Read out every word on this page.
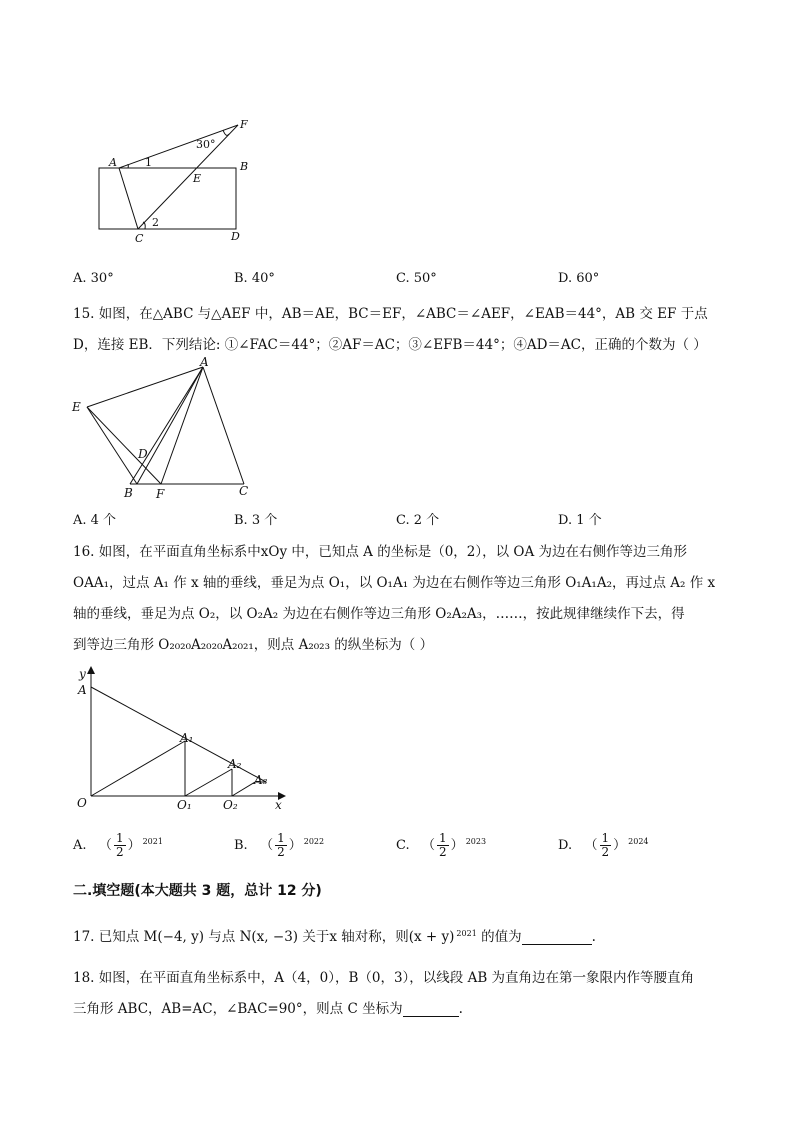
F
A	B
E
C	D
1
2
30°
A. 30°	B. 40°	C. 50°	D. 60°
15. 如图，在△ABC 与△AEF 中，AB＝AE，BC＝EF，∠ABC＝∠AEF，∠EAB＝44°，AB 交 EF 于点
D，连接 EB．下列结论: ①∠FAC＝44°；②AF＝AC；③∠EFB＝44°；④AD＝AC，正确的个数为（ ）
A
E
D
B F	C
A. 4 个	B. 3 个	C. 2 个	D. 1 个
16. 如图，在平面直角坐标系中xOy 中，已知点 A 的坐标是（0，2），以 OA 为边在右侧作等边三角形
OAA₁，过点 A₁ 作 x 轴的垂线，垂足为点 O₁，以 O₁A₁ 为边在右侧作等边三角形 O₁A₁A₂，再过点 A₂ 作 x
轴的垂线，垂足为点 O₂，以 O₂A₂ 为边在右侧作等边三角形 O₂A₂A₃，……，按此规律继续作下去，得
到等边三角形 O₂₀₂₀A₂₀₂₀A₂₀₂₁，则点 A₂₀₂₃ 的纵坐标为（ ）
y
A
A₁
A₂
A₃
O	O₁	O₂	x
A.   （ $\frac{1}{2}$ ） $^{2021}$	B.   （ $\frac{1}{2}$ ） $^{2022}$	C.   （ $\frac{1}{2}$ ） $^{2023}$	D.   （ $\frac{1}{2}$ ） $^{2024}$
二.填空题(本大题共 3 题，总计 12 分)
17. 已知点 M(−4, y) 与点 N(x, −3) 关于x 轴对称，则(x + y) $^{2021}$ 的值为	.
18. 如图，在平面直角坐标系中，A（4，0），B（0，3），以线段 AB 为直角边在第一象限内作等腰直角
三角形 ABC，AB=AC，∠BAC=90°，则点 C 坐标为	.
